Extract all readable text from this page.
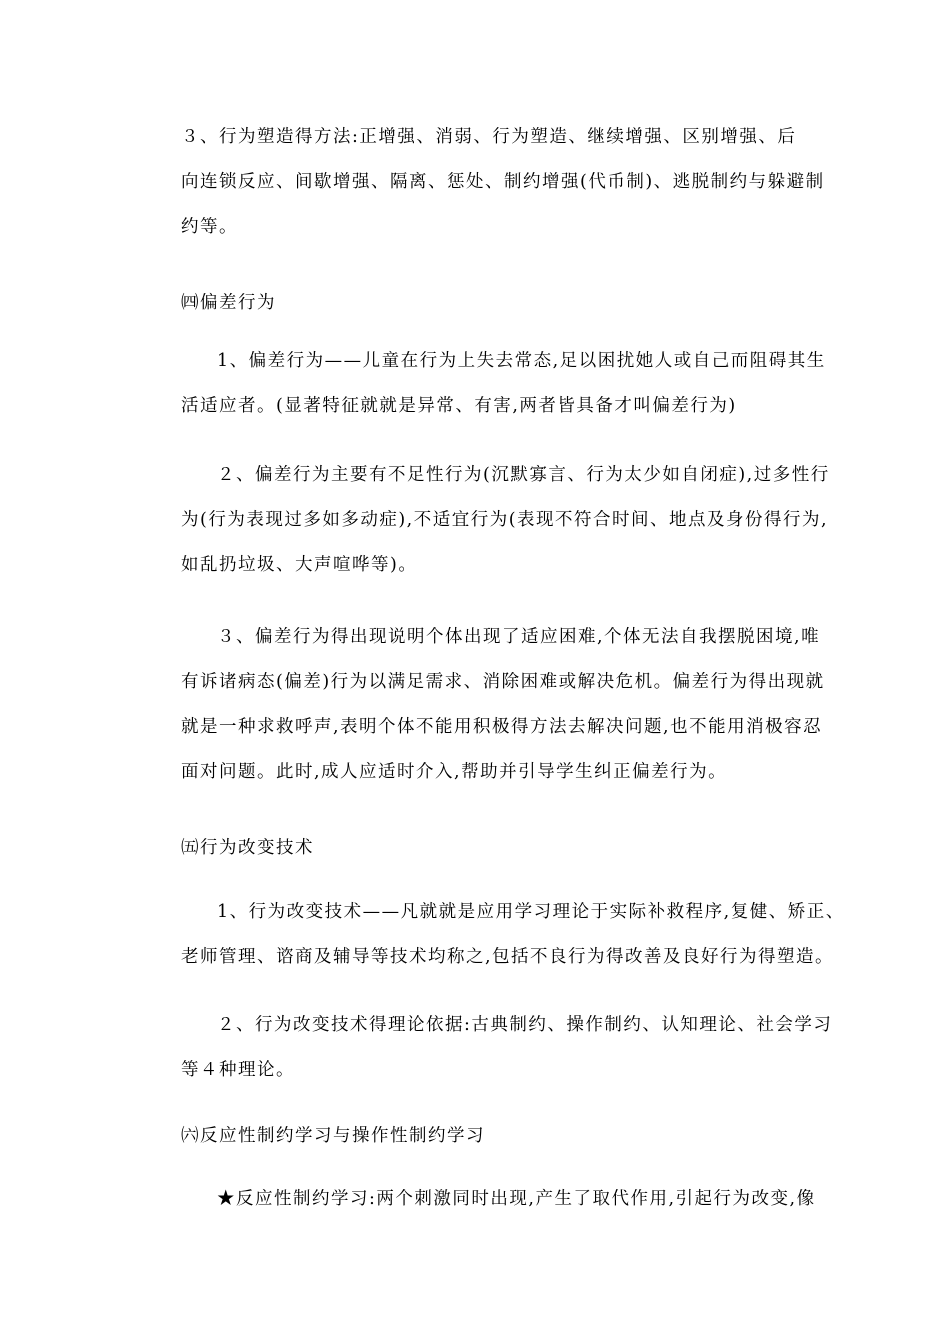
３、行为塑造得方法:正增强、消弱、行为塑造、继续增强、区别增强、后
向连锁反应、间歇增强、隔离、惩处、制约增强(代币制)、逃脱制约与躲避制
约等。
㈣偏差行为
1、偏差行为——儿童在行为上失去常态,足以困扰她人或自己而阻碍其生
活适应者。(显著特征就就是异常、有害,两者皆具备才叫偏差行为)
２、偏差行为主要有不足性行为(沉默寡言、行为太少如自闭症),过多性行
为(行为表现过多如多动症),不适宜行为(表现不符合时间、地点及身份得行为,
如乱扔垃圾、大声喧哗等)。
３、偏差行为得出现说明个体出现了适应困难,个体无法自我摆脱困境,唯
有诉诸病态(偏差)行为以满足需求、消除困难或解决危机。偏差行为得出现就
就是一种求救呼声,表明个体不能用积极得方法去解决问题,也不能用消极容忍
面对问题。此时,成人应适时介入,帮助并引导学生纠正偏差行为。
㈤行为改变技术
1、行为改变技术——凡就就是应用学习理论于实际补救程序,复健、矫正、
老师管理、谘商及辅导等技术均称之,包括不良行为得改善及良好行为得塑造。
２、行为改变技术得理论依据:古典制约、操作制约、认知理论、社会学习
等４种理论。
㈥反应性制约学习与操作性制约学习
★反应性制约学习:两个刺激同时出现,产生了取代作用,引起行为改变,像
